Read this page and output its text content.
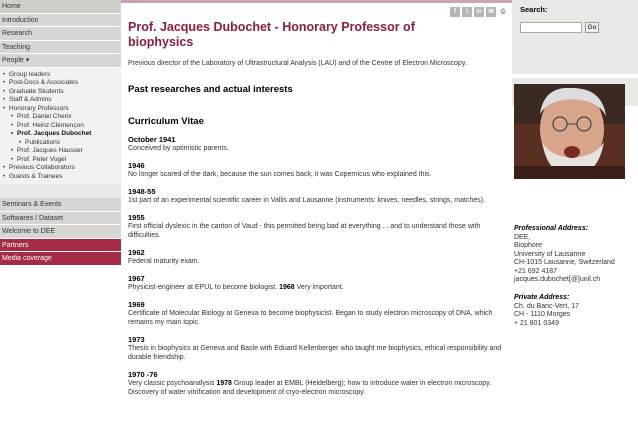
Home
Introduction
Research
Teaching
People ▾
• Group leaders
• Post-Docs & Associates
• Graduate Students
• Staff & Admins
• Honorary Professors
• Prof. Daniel Cherix
• Prof. Heinz Clémençon
• Prof. Jacques Dubochet
• Publications
• Prof. Jacques Hausser
• Prof. Peter Vogel
• Previous Collaborators
• Guests & Trainees
Seminars & Events
Softwares / Dataset
Welcome to DEE
Partners
Media coverage
f	t	in	✉	⎙
Prof. Jacques Dubochet - Honorary Professor of biophysics

Previous director of the Laboratory of Ultrastructural Analysis (LAU) and of the Centre of Electron Microscopy.

Past researches and actual interests
Curriculum Vitae
October 1941
Conceived by optimistic parents.
1946
No longer scared of the dark, because the sun comes back; it was Copernicus who explained this.
1948-55
1st part of an experimental scientific career in Vallis and Lausanne (instruments: knives, needles, strings, matches).
1955
First official dyslexic in the canton of Vaud - this permitted being bad at everything ... and to understand those with difficulties.
1962
Federal maturity exam.
1967
Physicist-engineer at EPUL to become biologist. 1968 Very important.
1969
Certificate of Molecular Biology at Geneva to become biophysicist. Began to study electron microscopy of DNA, which remains my main topic.
1973
Thesis in biophysics at Geneva and Basle with Eduard Kellenberger who taught me biophysics, ethical responsibility and durable friendship.
1970 -76
Very classic psychoanalysis 1978 Group leader at EMBL (Heidelberg); how to introduce water in electron microscopy. Discovery of water vitrification and development of cryo-electron microscopy.
Search:
Go
Professional Address:
DEE,
Biophore
University of Lausanne
CH-1015 Lausanne, Switzerland
+21 692 4187
jacques.dubochet[@]unil.ch
Private Address:
Ch. du Banc-Vert, 17
CH - 1110 Morges
+ 21 801 0349
